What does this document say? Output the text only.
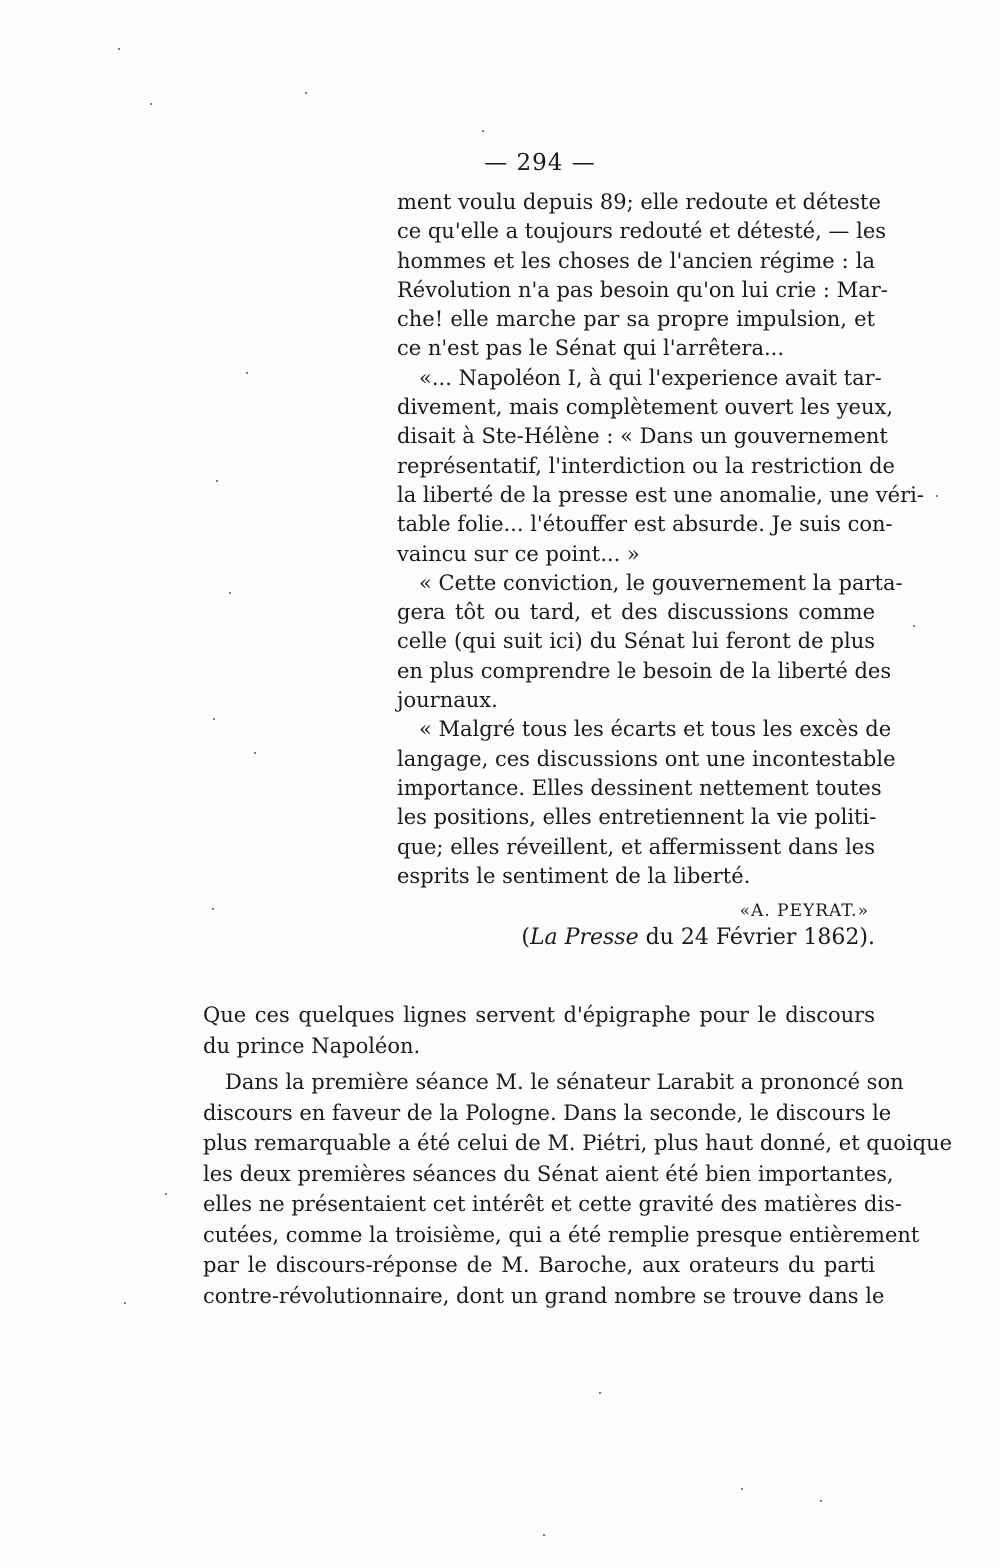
— 294 —
ment voulu depuis 89; elle redoute et déteste
ce qu'elle a toujours redouté et détesté, — les
hommes et les choses de l'ancien régime : la
Révolution n'a pas besoin qu'on lui crie : Mar-
che! elle marche par sa propre impulsion, et
ce n'est pas le Sénat qui l'arrêtera...
«... Napoléon I, à qui l'experience avait tar-
divement, mais complètement ouvert les yeux,
disait à Ste-Hélène : « Dans un gouvernement
représentatif, l'interdiction ou la restriction de
la liberté de la presse est une anomalie, une véri-
table folie... l'étouffer est absurde. Je suis con-
vaincu sur ce point... »
« Cette conviction, le gouvernement la parta-
gera tôt ou tard, et des discussions comme
celle (qui suit ici) du Sénat lui feront de plus
en plus comprendre le besoin de la liberté des
journaux.
« Malgré tous les écarts et tous les excès de
langage, ces discussions ont une incontestable
importance. Elles dessinent nettement toutes
les positions, elles entretiennent la vie politi-
que; elles réveillent, et affermissent dans les
esprits le sentiment de la liberté.
«A. PEYRAT.»
(La Presse du 24 Février 1862).
Que ces quelques lignes servent d'épigraphe pour le discours
du prince Napoléon.
Dans la première séance M. le sénateur Larabit a prononcé son
discours en faveur de la Pologne. Dans la seconde, le discours le
plus remarquable a été celui de M. Piétri, plus haut donné, et quoique
les deux premières séances du Sénat aient été bien importantes,
elles ne présentaient cet intérêt et cette gravité des matières dis-
cutées, comme la troisième, qui a été remplie presque entièrement
par le discours-réponse de M. Baroche, aux orateurs du parti
contre-révolutionnaire, dont un grand nombre se trouve dans le
